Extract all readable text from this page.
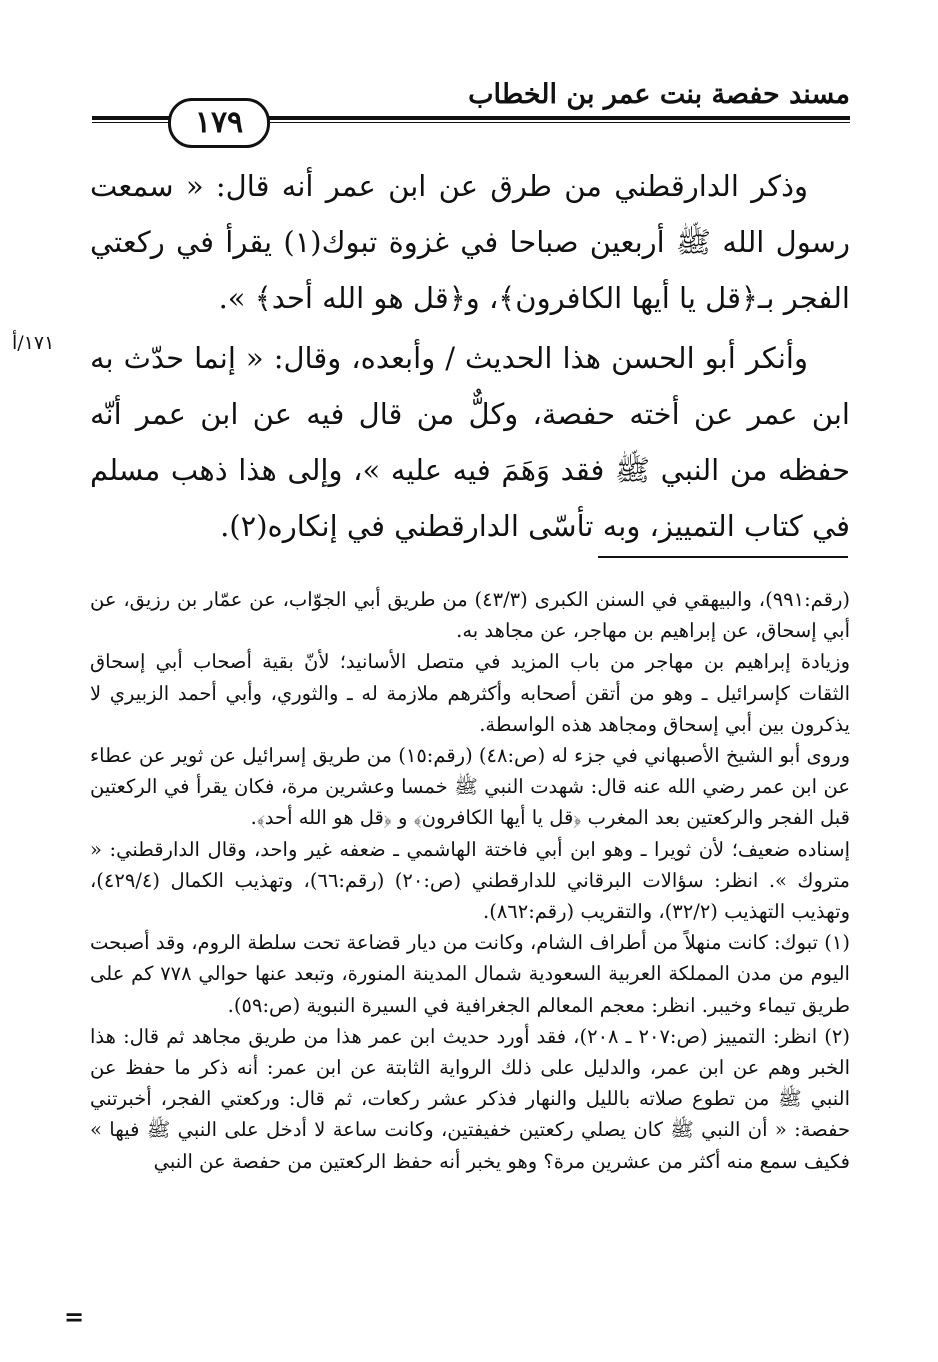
مسند حفصة بنت عمر بن الخطاب
١٧٩

وذكر الدارقطني من طرق عن ابن عمر أنه قال: « سمعت رسول الله ﷺ أربعين صباحا في غزوة تبوك(١) يقرأ في ركعتي الفجر بـ﴿قل يا أيها الكافرون﴾، و﴿قل هو الله أحد﴾ ».

وأنكر أبو الحسن هذا الحديث / وأبعده، وقال: « إنما حدّث به ابن عمر عن أخته حفصة، وكلٌّ من قال فيه عن ابن عمر أنّه حفظه من النبي ﷺ فقد وَهَمَ فيه عليه »، وإلى هذا ذهب مسلم في كتاب التمييز، وبه تأسّى الدارقطني في إنكاره(٢).

١٧١/أ

(رقم:٩٩١)، والبيهقي في السنن الكبرى (٤٣/٣) من طريق أبي الجوّاب، عن عمّار بن رزيق، عن أبي إسحاق، عن إبراهيم بن مهاجر، عن مجاهد به.

وزيادة إبراهيم بن مهاجر من باب المزيد في متصل الأسانيد؛ لأنّ بقية أصحاب أبي إسحاق الثقات كإسرائيل ـ وهو من أتقن أصحابه وأكثرهم ملازمة له ـ والثوري، وأبي أحمد الزبيري لا يذكرون بين أبي إسحاق ومجاهد هذه الواسطة.

وروى أبو الشيخ الأصبهاني في جزء له (ص:٤٨) (رقم:١٥) من طريق إسرائيل عن ثوير عن عطاء عن ابن عمر رضي الله عنه قال: شهدت النبي ﷺ خمسا وعشرين مرة، فكان يقرأ في الركعتين قبل الفجر والركعتين بعد المغرب ﴿قل يا أيها الكافرون﴾ و ﴿قل هو الله أحد﴾.

إسناده ضعيف؛ لأن ثويرا ـ وهو ابن أبي فاختة الهاشمي ـ ضعفه غير واحد، وقال الدارقطني: « متروك ». انظر: سؤالات البرقاني للدارقطني (ص:٢٠) (رقم:٦٦)، وتهذيب الكمال (٤٢٩/٤)، وتهذيب التهذيب (٣٢/٢)، والتقريب (رقم:٨٦٢).

(١) تبوك: كانت منهلاً من أطراف الشام، وكانت من ديار قضاعة تحت سلطة الروم، وقد أصبحت اليوم من مدن المملكة العربية السعودية شمال المدينة المنورة، وتبعد عنها حوالي ٧٧٨ كم على طريق تيماء وخيبر. انظر: معجم المعالم الجغرافية في السيرة النبوية (ص:٥٩).

(٢) انظر: التمييز (ص:٢٠٧ ـ ٢٠٨)، فقد أورد حديث ابن عمر هذا من طريق مجاهد ثم قال: هذا الخبر وهم عن ابن عمر، والدليل على ذلك الرواية الثابتة عن ابن عمر: أنه ذكر ما حفظ عن النبي ﷺ من تطوع صلاته بالليل والنهار فذكر عشر ركعات، ثم قال: وركعتي الفجر، أخبرتني حفصة: « أن النبي ﷺ كان يصلي ركعتين خفيفتين، وكانت ساعة لا أدخل على النبي ﷺ فيها » فكيف سمع منه أكثر من عشرين مرة؟ وهو يخبر أنه حفظ الركعتين من حفصة عن النبي

=
